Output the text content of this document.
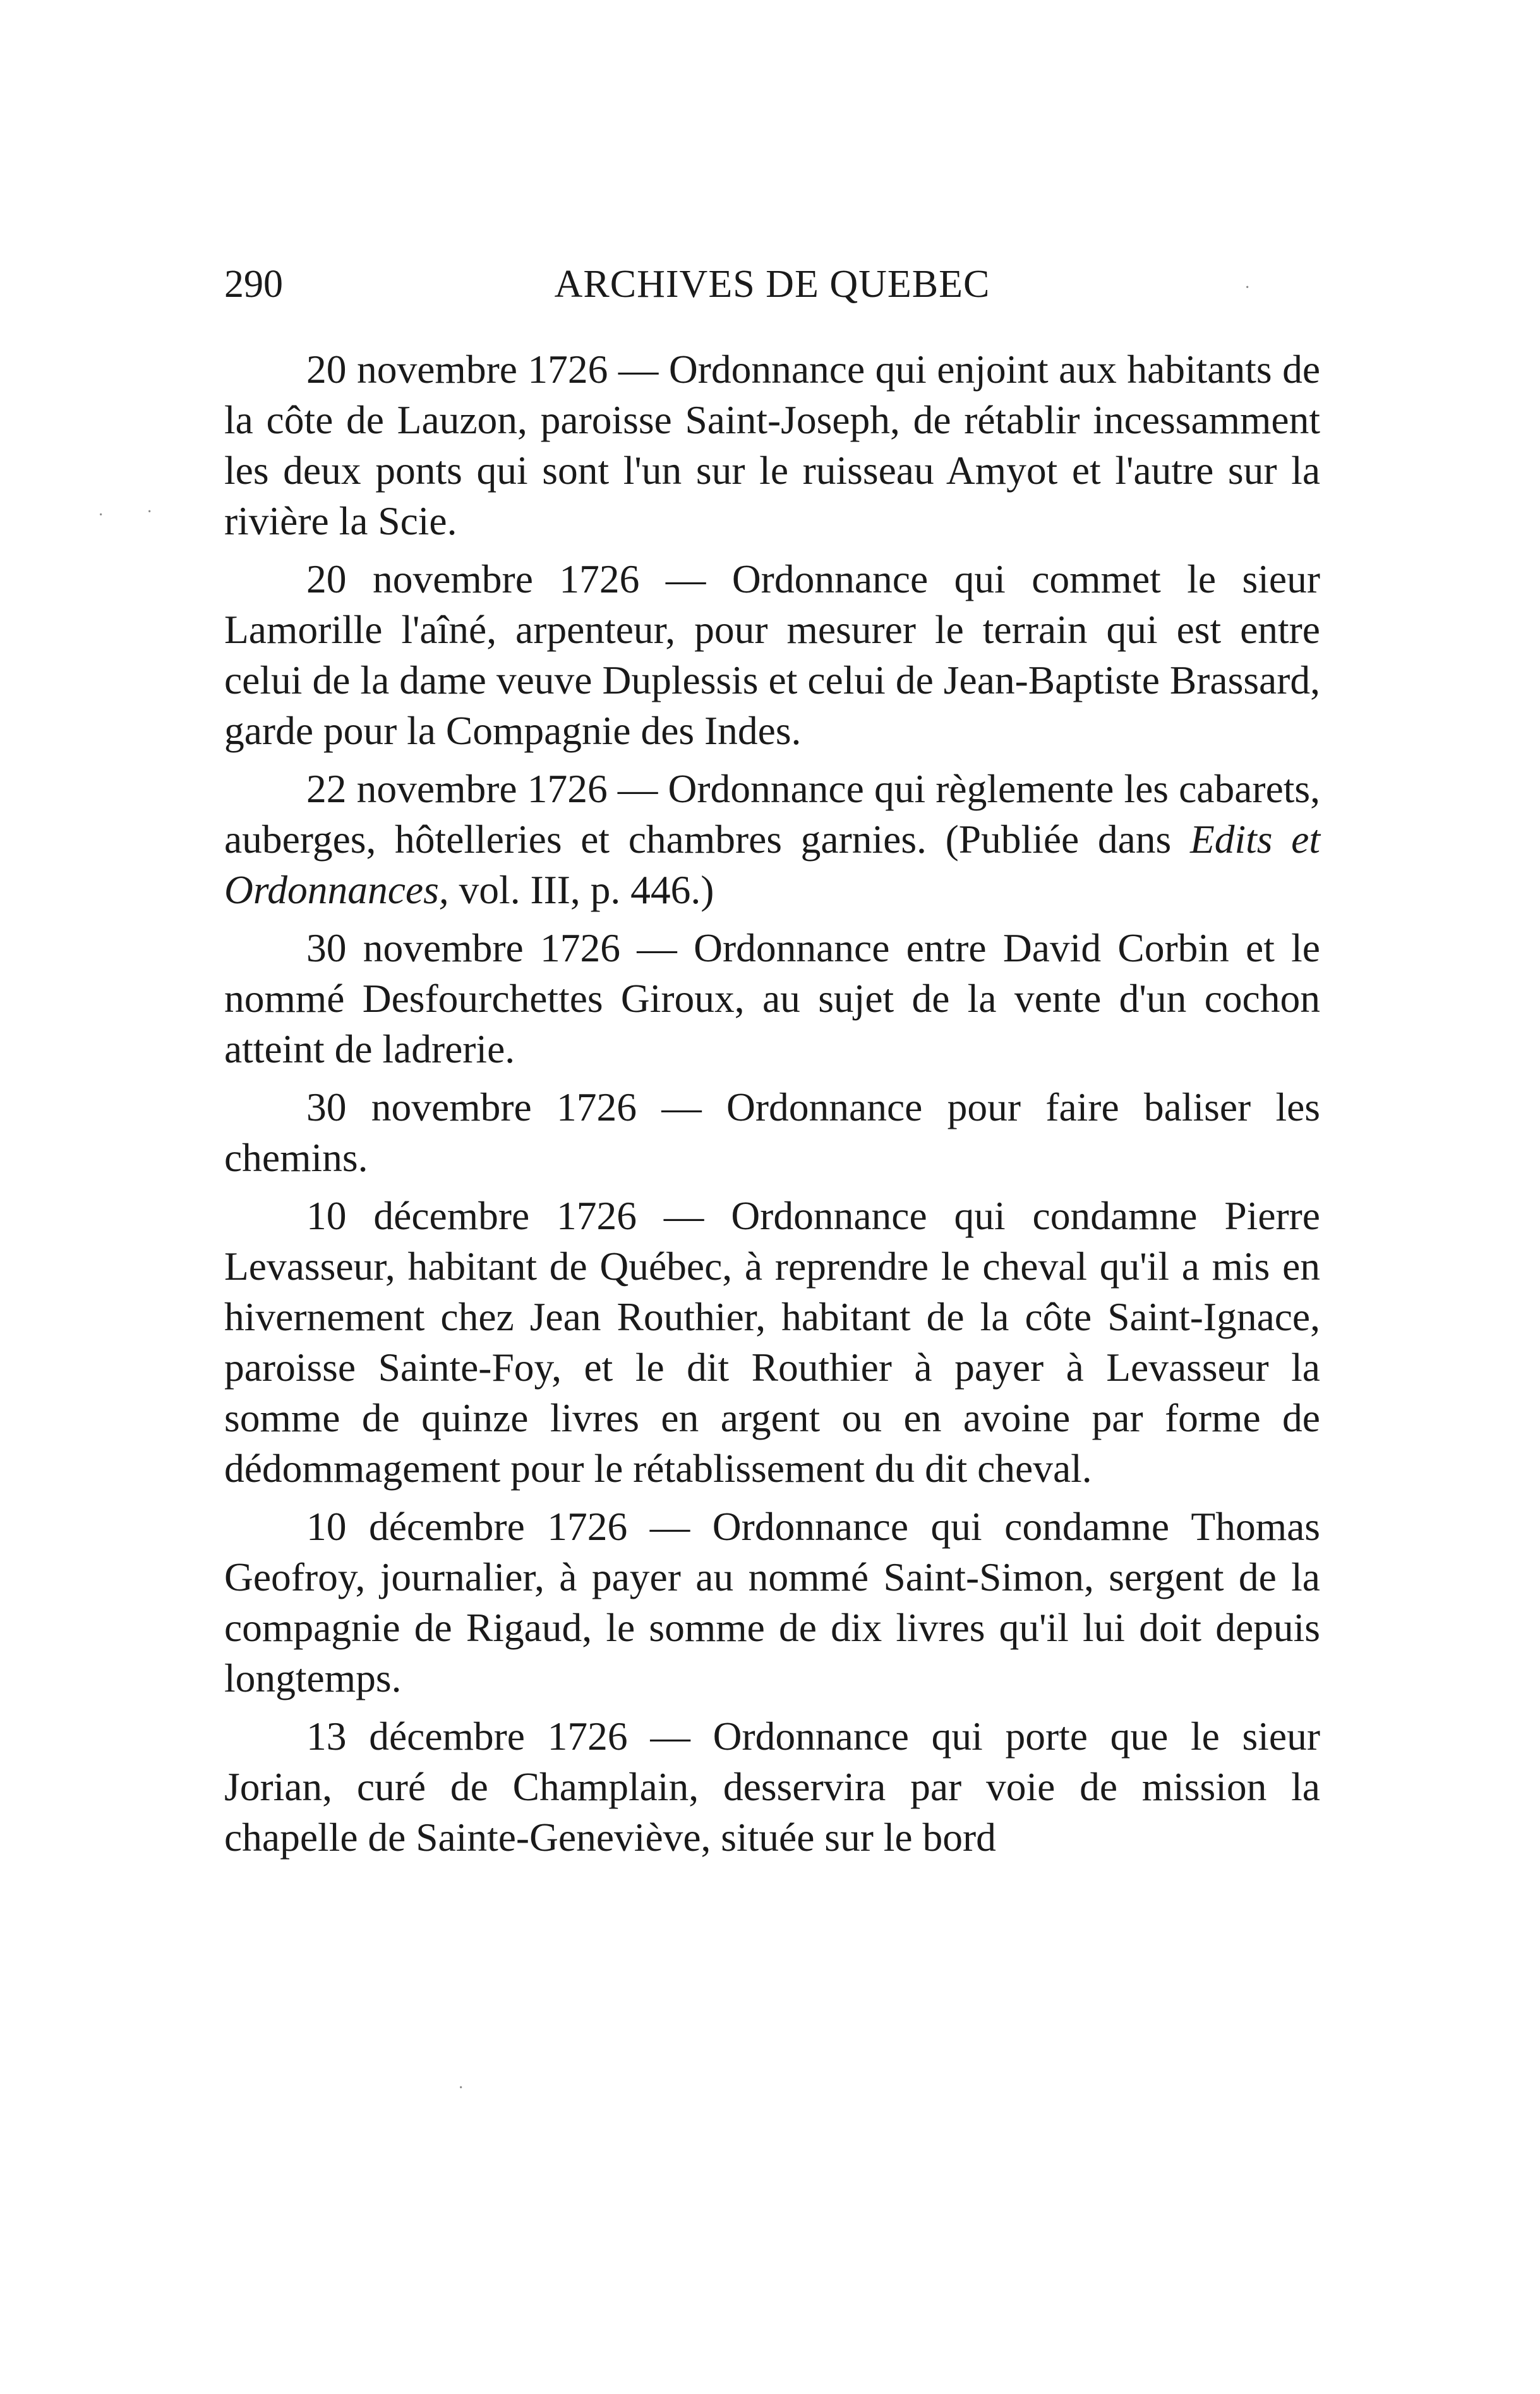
290	ARCHIVES DE QUEBEC

20 novembre 1726 — Ordonnance qui enjoint aux habitants de la côte de Lauzon, paroisse Saint-Joseph, de rétablir incessamment les deux ponts qui sont l'un sur le ruisseau Amyot et l'autre sur la rivière la Scie.

20 novembre 1726 — Ordonnance qui commet le sieur Lamorille l'aîné, arpenteur, pour mesurer le terrain qui est entre celui de la dame veuve Duplessis et celui de Jean-Baptiste Brassard, garde pour la Compagnie des Indes.

22 novembre 1726 — Ordonnance qui règlemente les cabarets, auberges, hôtelleries et chambres garnies. (Publiée dans Edits et Ordonnances, vol. III, p. 446.)

30 novembre 1726 — Ordonnance entre David Corbin et le nommé Desfourchettes Giroux, au sujet de la vente d'un cochon atteint de ladrerie.

30 novembre 1726 — Ordonnance pour faire baliser les chemins.

10 décembre 1726 — Ordonnance qui condamne Pierre Levasseur, habitant de Québec, à reprendre le cheval qu'il a mis en hivernement chez Jean Routhier, habitant de la côte Saint-Ignace, paroisse Sainte-Foy, et le dit Routhier à payer à Levasseur la somme de quinze livres en argent ou en avoine par forme de dédommagement pour le rétablissement du dit cheval.

10 décembre 1726 — Ordonnance qui condamne Thomas Geofroy, journalier, à payer au nommé Saint-Simon, sergent de la compagnie de Rigaud, le somme de dix livres qu'il lui doit depuis longtemps.

13 décembre 1726 — Ordonnance qui porte que le sieur Jorian, curé de Champlain, desservira par voie de mission la chapelle de Sainte-Geneviève, située sur le bord

· ·
·
·
